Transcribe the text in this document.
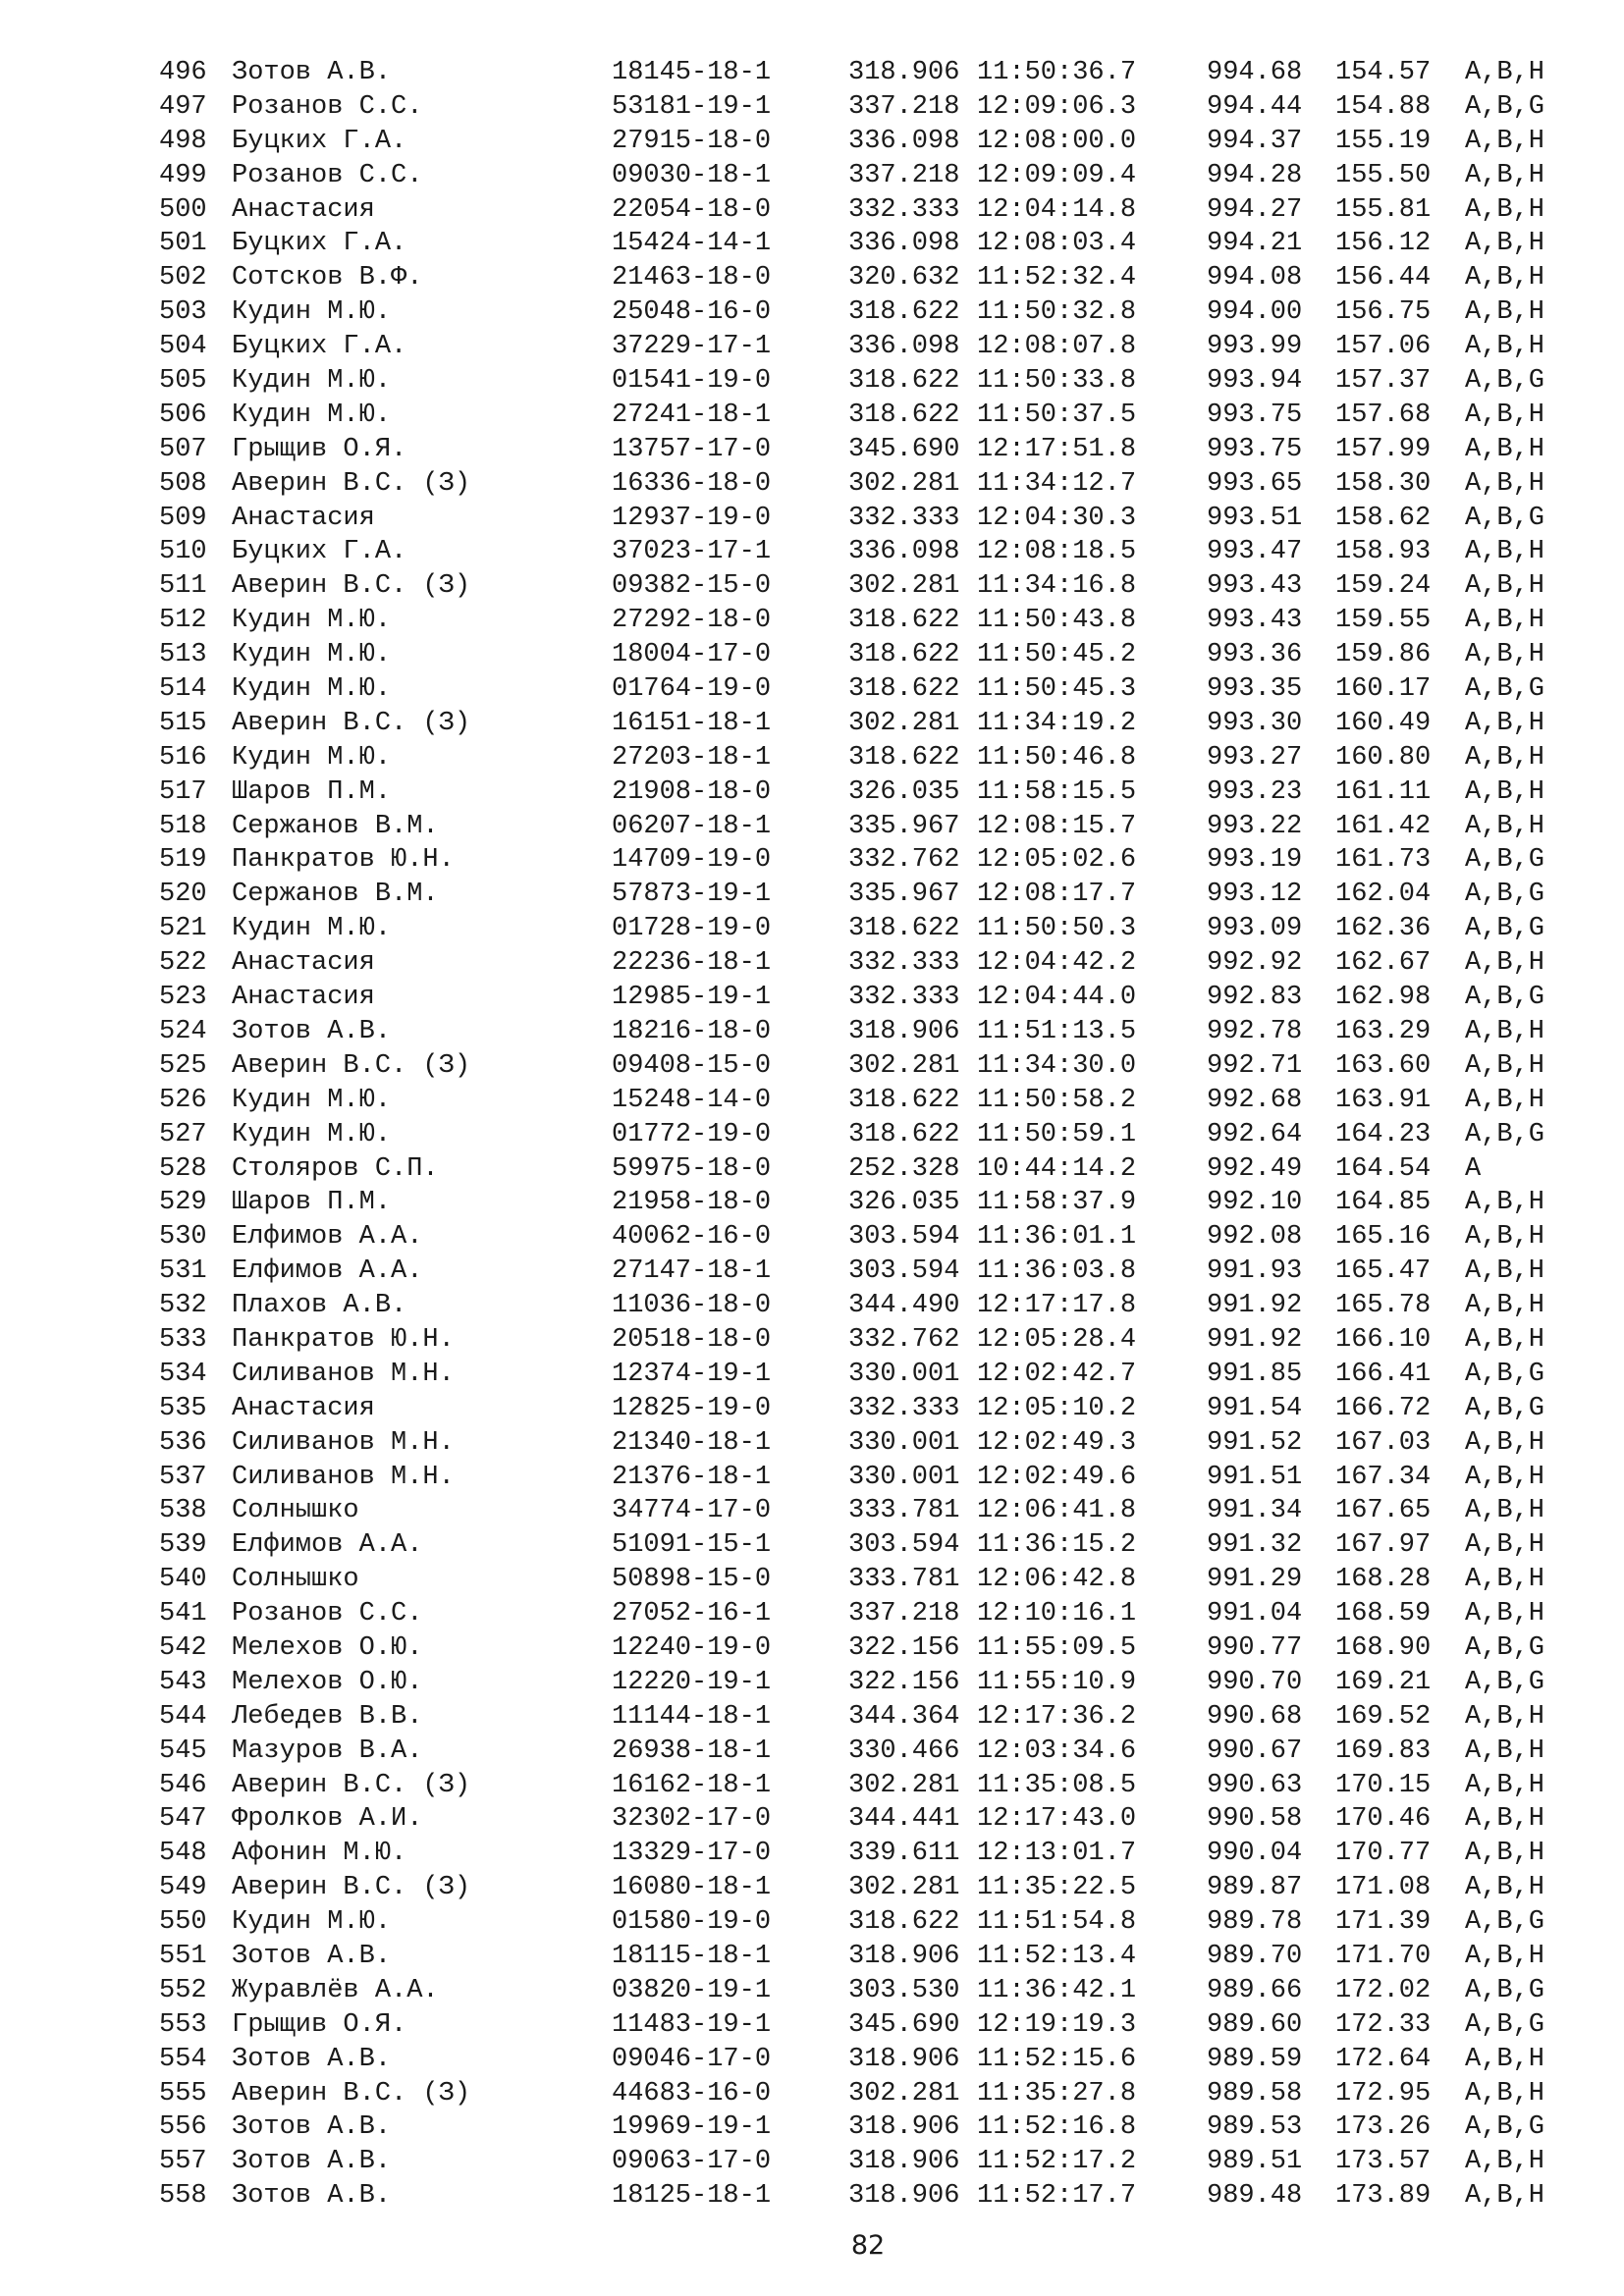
496 Зотов А.В.	18145-18-1	318.906 11:50:36.7	994.68 154.57 A,B,H
497 Розанов С.С.	53181-19-1	337.218 12:09:06.3	994.44 154.88 A,B,G
498 Буцких Г.А.	27915-18-0	336.098 12:08:00.0	994.37 155.19 A,B,H
499 Розанов С.С.	09030-18-1	337.218 12:09:09.4	994.28 155.50 A,B,H
500 Анастасия	22054-18-0	332.333 12:04:14.8	994.27 155.81 A,B,H
501 Буцких Г.А.	15424-14-1	336.098 12:08:03.4	994.21 156.12 A,B,H
502 Сотсков В.Ф.	21463-18-0	320.632 11:52:32.4	994.08 156.44 A,B,H
503 Кудин М.Ю.	25048-16-0	318.622 11:50:32.8	994.00 156.75 A,B,H
504 Буцких Г.А.	37229-17-1	336.098 12:08:07.8	993.99 157.06 A,B,H
505 Кудин М.Ю.	01541-19-0	318.622 11:50:33.8	993.94 157.37 A,B,G
506 Кудин М.Ю.	27241-18-1	318.622 11:50:37.5	993.75 157.68 A,B,H
507 Грыщив О.Я.	13757-17-0	345.690 12:17:51.8	993.75 157.99 A,B,H
508 Аверин В.С. (З)	16336-18-0	302.281 11:34:12.7	993.65 158.30 A,B,H
509 Анастасия	12937-19-0	332.333 12:04:30.3	993.51 158.62 A,B,G
510 Буцких Г.А.	37023-17-1	336.098 12:08:18.5	993.47 158.93 A,B,H
511 Аверин В.С. (З)	09382-15-0	302.281 11:34:16.8	993.43 159.24 A,B,H
512 Кудин М.Ю.	27292-18-0	318.622 11:50:43.8	993.43 159.55 A,B,H
513 Кудин М.Ю.	18004-17-0	318.622 11:50:45.2	993.36 159.86 A,B,H
514 Кудин М.Ю.	01764-19-0	318.622 11:50:45.3	993.35 160.17 A,B,G
515 Аверин В.С. (З)	16151-18-1	302.281 11:34:19.2	993.30 160.49 A,B,H
516 Кудин М.Ю.	27203-18-1	318.622 11:50:46.8	993.27 160.80 A,B,H
517 Шаров П.М.	21908-18-0	326.035 11:58:15.5	993.23 161.11 A,B,H
518 Сержанов В.М.	06207-18-1	335.967 12:08:15.7	993.22 161.42 A,B,H
519 Панкратов Ю.Н.	14709-19-0	332.762 12:05:02.6	993.19 161.73 A,B,G
520 Сержанов В.М.	57873-19-1	335.967 12:08:17.7	993.12 162.04 A,B,G
521 Кудин М.Ю.	01728-19-0	318.622 11:50:50.3	993.09 162.36 A,B,G
522 Анастасия	22236-18-1	332.333 12:04:42.2	992.92 162.67 A,B,H
523 Анастасия	12985-19-1	332.333 12:04:44.0	992.83 162.98 A,B,G
524 Зотов А.В.	18216-18-0	318.906 11:51:13.5	992.78 163.29 A,B,H
525 Аверин В.С. (З)	09408-15-0	302.281 11:34:30.0	992.71 163.60 A,B,H
526 Кудин М.Ю.	15248-14-0	318.622 11:50:58.2	992.68 163.91 A,B,H
527 Кудин М.Ю.	01772-19-0	318.622 11:50:59.1	992.64 164.23 A,B,G
528 Столяров С.П.	59975-18-0	252.328 10:44:14.2	992.49 164.54 A
529 Шаров П.М.	21958-18-0	326.035 11:58:37.9	992.10 164.85 A,B,H
530 Елфимов А.А.	40062-16-0	303.594 11:36:01.1	992.08 165.16 A,B,H
531 Елфимов А.А.	27147-18-1	303.594 11:36:03.8	991.93 165.47 A,B,H
532 Плахов А.В.	11036-18-0	344.490 12:17:17.8	991.92 165.78 A,B,H
533 Панкратов Ю.Н.	20518-18-0	332.762 12:05:28.4	991.92 166.10 A,B,H
534 Силиванов М.Н.	12374-19-1	330.001 12:02:42.7	991.85 166.41 A,B,G
535 Анастасия	12825-19-0	332.333 12:05:10.2	991.54 166.72 A,B,G
536 Силиванов М.Н.	21340-18-1	330.001 12:02:49.3	991.52 167.03 A,B,H
537 Силиванов М.Н.	21376-18-1	330.001 12:02:49.6	991.51 167.34 A,B,H
538 Солнышко	34774-17-0	333.781 12:06:41.8	991.34 167.65 A,B,H
539 Елфимов А.А.	51091-15-1	303.594 11:36:15.2	991.32 167.97 A,B,H
540 Солнышко	50898-15-0	333.781 12:06:42.8	991.29 168.28 A,B,H
541 Розанов С.С.	27052-16-1	337.218 12:10:16.1	991.04 168.59 A,B,H
542 Мелехов О.Ю.	12240-19-0	322.156 11:55:09.5	990.77 168.90 A,B,G
543 Мелехов О.Ю.	12220-19-1	322.156 11:55:10.9	990.70 169.21 A,B,G
544 Лебедев В.В.	11144-18-1	344.364 12:17:36.2	990.68 169.52 A,B,H
545 Мазуров В.А.	26938-18-1	330.466 12:03:34.6	990.67 169.83 A,B,H
546 Аверин В.С. (З)	16162-18-1	302.281 11:35:08.5	990.63 170.15 A,B,H
547 Фролков А.И.	32302-17-0	344.441 12:17:43.0	990.58 170.46 A,B,H
548 Афонин М.Ю.	13329-17-0	339.611 12:13:01.7	990.04 170.77 A,B,H
549 Аверин В.С. (З)	16080-18-1	302.281 11:35:22.5	989.87 171.08 A,B,H
550 Кудин М.Ю.	01580-19-0	318.622 11:51:54.8	989.78 171.39 A,B,G
551 Зотов А.В.	18115-18-1	318.906 11:52:13.4	989.70 171.70 A,B,H
552 Журавлёв А.А.	03820-19-1	303.530 11:36:42.1	989.66 172.02 A,B,G
553 Грыщив О.Я.	11483-19-1	345.690 12:19:19.3	989.60 172.33 A,B,G
554 Зотов А.В.	09046-17-0	318.906 11:52:15.6	989.59 172.64 A,B,H
555 Аверин В.С. (З)	44683-16-0	302.281 11:35:27.8	989.58 172.95 A,B,H
556 Зотов А.В.	19969-19-1	318.906 11:52:16.8	989.53 173.26 A,B,G
557 Зотов А.В.	09063-17-0	318.906 11:52:17.2	989.51 173.57 A,B,H
558 Зотов А.В.	18125-18-1	318.906 11:52:17.7	989.48 173.89 A,B,H
82
